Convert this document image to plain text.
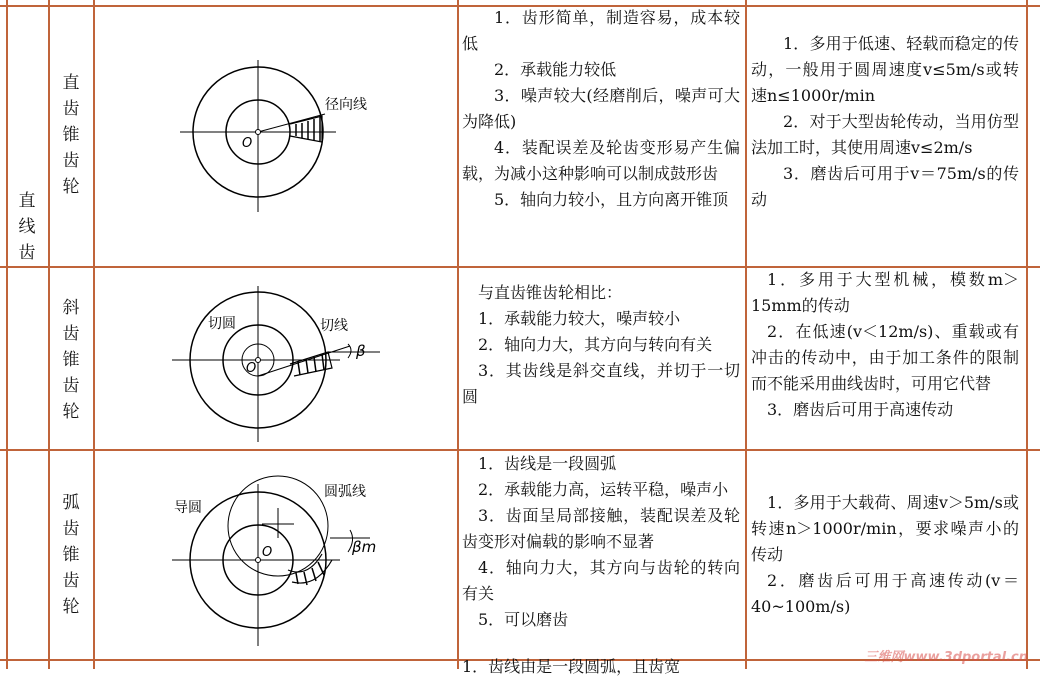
直线齿
直齿锥齿轮
径向线
O

1．齿形简单，制造容易，成本较低

2．承载能力较低

3．噪声较大(经磨削后，噪声可大为降低)

4．装配误差及轮齿变形易产生偏载，为减小这种影响可以制成鼓形齿

5．轴向力较小，且方向离开锥顶

1．多用于低速、轻载而稳定的传动，一般用于圆周速度v≤5m/s或转速n≤1000r/min

2．对于大型齿轮传动，当用仿型法加工时，其使用周速v≤2m/s

3．磨齿后可用于v＝75m/s的传动

斜齿锥齿轮
切圆	切线
β
O

与直齿锥齿轮相比：

1．承载能力较大，噪声较小

2．轴向力大，其方向与转向有关

3．其齿线是斜交直线，并切于一切圆

1．多用于大型机械，模数m＞15mm的传动

2．在低速(v＜12m/s)、重载或有冲击的传动中，由于加工条件的限制而不能采用曲线齿时，可用它代替

3．磨齿后可用于高速传动

弧齿锥齿轮
导圆
圆弧线
βm
O

1．齿线是一段圆弧

2．承载能力高，运转平稳，噪声小

3．齿面呈局部接触，装配误差及轮齿变形对偏载的影响不显著

4．轴向力大，其方向与齿轮的转向有关

5．可以磨齿

1．多用于大载荷、周速v＞5m/s或转速n＞1000r/min，要求噪声小的传动

2．磨齿后可用于高速传动(v＝40~100m/s)

1．齿线由是一段圆弧，且齿宽	三维网www.3dportal.cn
